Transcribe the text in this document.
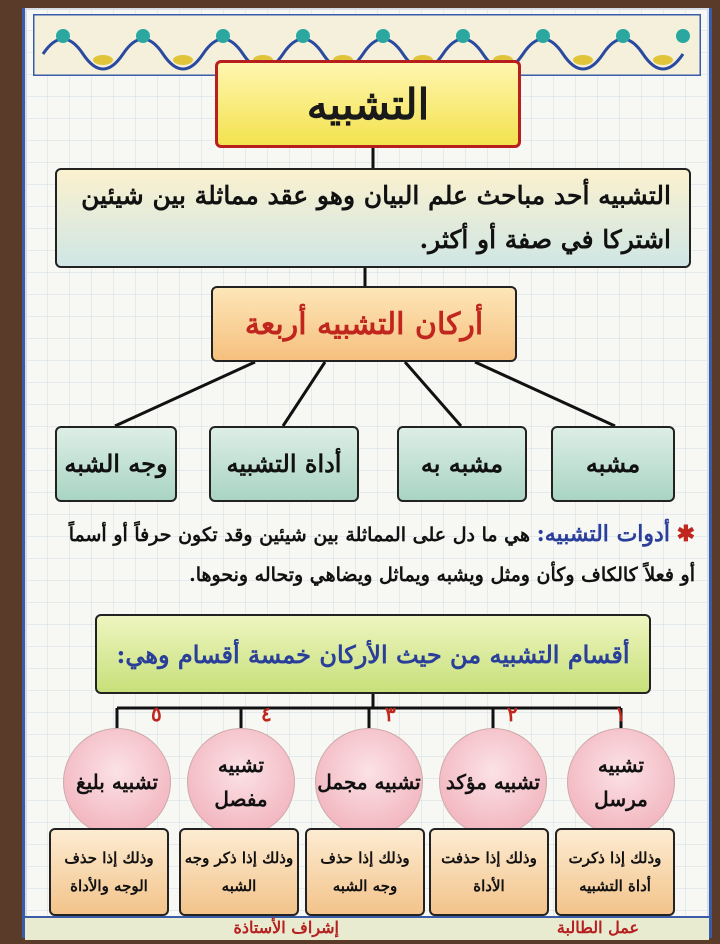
التشبيه
التشبيه أحد مباحث علم البيان وهو عقد مماثلة بين شيئين اشتركا في صفة أو أكثر.
أركان التشبيه أربعة
مشبه
مشبه به
أداة التشبيه
وجه الشبه
✱ أدوات التشبيه: هي ما دل على المماثلة بين شيئين وقد تكون حرفاً أو أسماً أو فعلاً كالكاف وكأن ومثل ويشبه ويماثل ويضاهي وتحاله ونحوها.
أقسام التشبيه من حيث الأركان خمسة أقسام وهي:
١
٢
٣
٤
٥
تشبيه مرسل
تشبيه مؤكد
تشبيه مجمل
تشبيه مفصل
تشبيه بليغ
وذلك إذا ذكرت أداة التشبيه
وذلك إذا حذفت الأداة
وذلك إذا حذف وجه الشبه
وذلك إذا ذكر وجه الشبه
وذلك إذا حذف الوجه والأداة
عمل الطالبة
إشراف الأستاذة
